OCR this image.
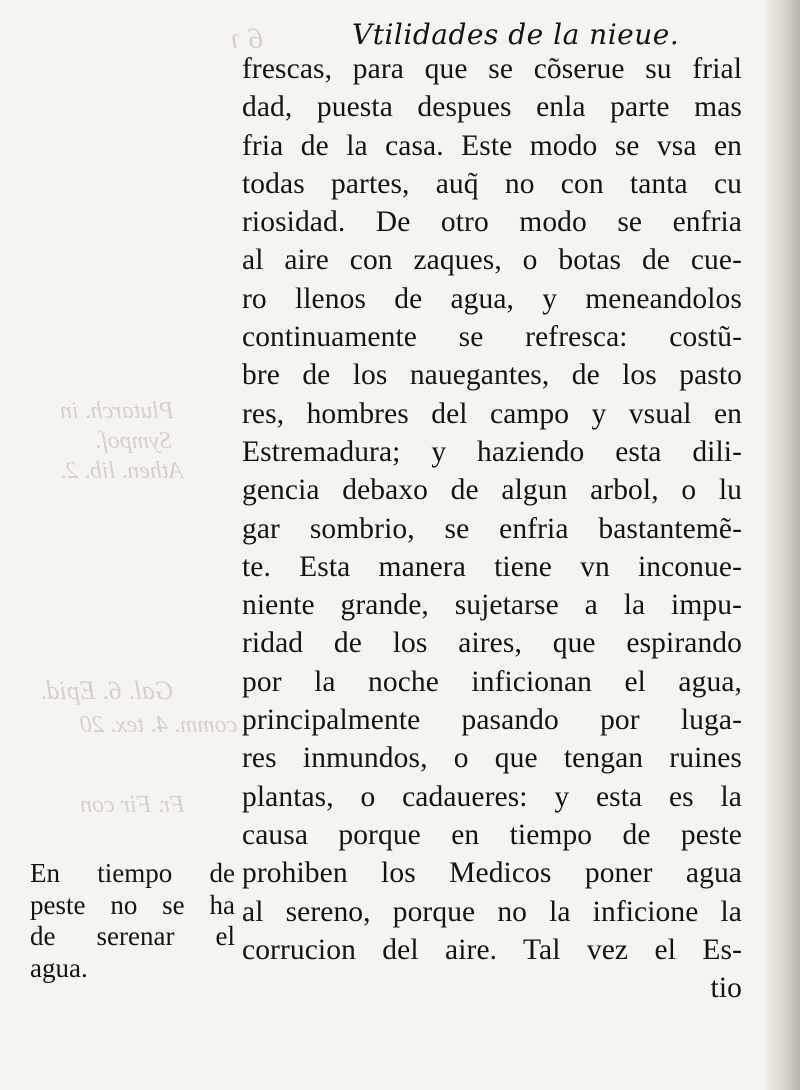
6 ɿ
Plutarch. in
Sympoſ.
Athen. lib. 2.
Gal. 6. Epid.
comm. 4. tex. 20
Fr. Fir con
Vtilidades de la nieue.
frescas, para que se cõserue su frial
dad, puesta despues enla parte mas
fria de la casa. Este modo se vsa en
todas partes, auq̃ no con tanta cu
riosidad. De otro modo se enfria
al aire con zaques, o botas de cue-
ro llenos de agua, y meneandolos
continuamente se refresca: costũ-
bre de los nauegantes, de los pasto
res, hombres del campo y vsual en
Estremadura; y haziendo esta dili-
gencia debaxo de algun arbol, o lu
gar sombrio, se enfria bastantemẽ-
te. Esta manera tiene vn inconue-
niente grande, sujetarse a la impu-
ridad de los aires, que espirando
por la noche inficionan el agua,
principalmente pasando por luga-
res inmundos, o que tengan ruines
plantas, o cadaueres: y esta es la
causa porque en tiempo de peste
prohiben los Medicos poner agua
al sereno, porque no la inficione la
corrucion del aire. Tal vez el Es-
tio
En tiempo de
peste no se ha
de serenar el
agua.
